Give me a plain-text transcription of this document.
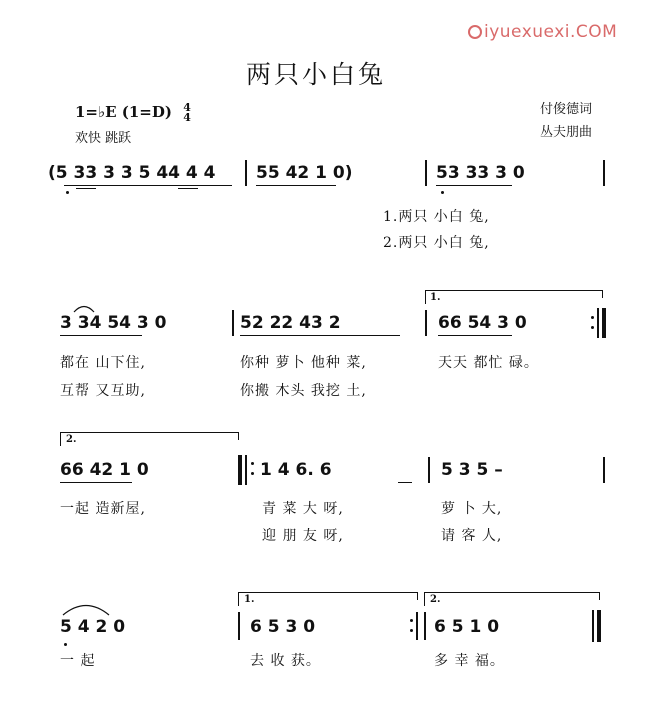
iyuexuexi.COM
两只小白兔
1=♭E (1=D) 4
4
欢快 跳跃
付俊德词
丛夫朋曲
(5 33 3 3 5 44 4 4 55 42 1 0)	53 33 3 0
1.两只 小白 兔,
2.两只 小白 兔,
1.
3 34 54 3 0	52 22 43 2	66 54 3 0
都在 山下住,	你种 萝卜 他种 菜,	天天 都忙 碌。
互帮 又互助,	你搬 木头 我挖 土,
2.
66 42 1 0	1 4 6. 6	5 3 5 –
一起 造新屋,	青 菜 大 呀,	萝 卜 大,
迎 朋 友 呀,	请 客 人,
1.	2.
5 4 2 0	6 5 3 0	6 5 1 0
一 起	去 收 获。	多 幸 福。
